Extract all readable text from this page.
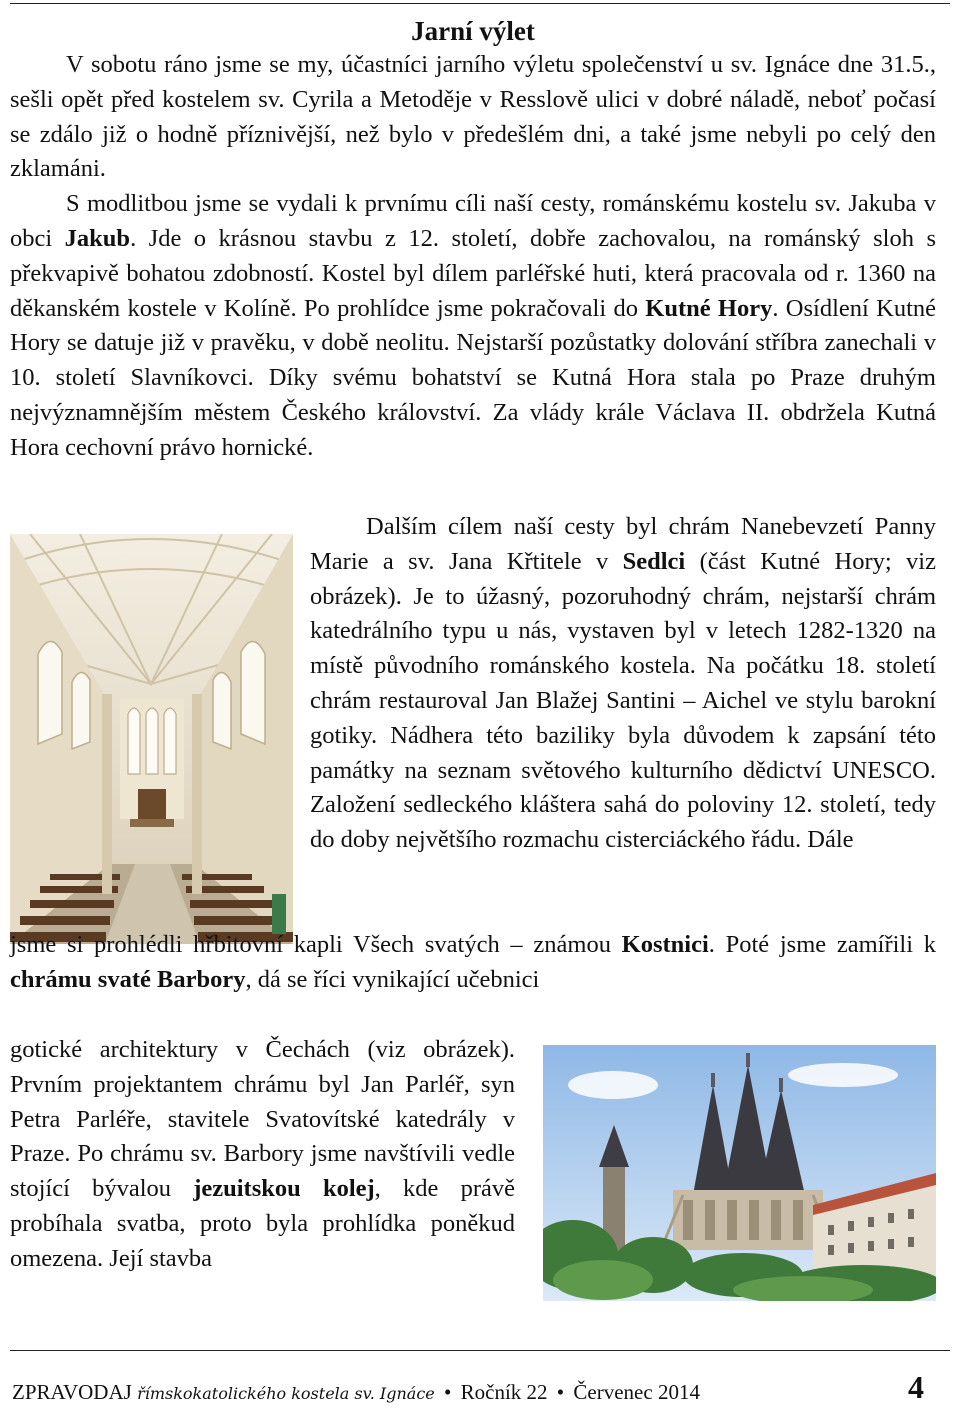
Jarní výlet

V sobotu ráno jsme se my, účastníci jarního výletu společenství u sv. Ignáce dne 31.5., sešli opět před kostelem sv. Cyrila a Metoděje v Resslově ulici v dobré náladě, neboť počasí se zdálo již o hodně příznivější, než bylo v předešlém dni, a také jsme nebyli po celý den zklamáni.

S modlitbou jsme se vydali k prvnímu cíli naší cesty, románskému kostelu sv. Jakuba v obci Jakub. Jde o krásnou stavbu z 12. století, dobře zachovalou, na románský sloh s překvapivě bohatou zdobností. Kostel byl dílem parléřské huti, která pracovala od r. 1360 na děkanském kostele v Kolíně. Po prohlídce jsme pokračovali do Kutné Hory. Osídlení Kutné Hory se datuje již v pravěku, v době neolitu. Nejstarší pozůstatky dolování stříbra zanechali v 10. století Slavníkovci. Díky svému bohatství se Kutná Hora stala po Praze druhým nejvýznamnějším městem Českého království. Za vlády krále Václava II. obdržela Kutná Hora cechovní právo hornické.

Dalším cílem naší cesty byl chrám Nanebevzetí Panny Marie a sv. Jana Křtitele v Sedlci (část Kutné Hory; viz obrázek). Je to úžasný, pozoruhodný chrám, nejstarší chrám katedrálního typu u nás, vystaven byl v letech 1282-1320 na místě původního románského kostela. Na počátku 18. století chrám restauroval Jan Blažej Santini – Aichel ve stylu barokní gotiky. Nádhera této baziliky byla důvodem k zapsání této památky na seznam světového kulturního dědictví UNESCO. Založení sedleckého kláštera sahá do poloviny 12. století, tedy do doby největšího rozmachu cisterciáckého řádu. Dále

jsme si prohlédli hřbitovní kapli Všech svatých – známou Kostnici. Poté jsme zamířili k chrámu svaté Barbory, dá se říci vynikající učebnici

gotické architektury v Čechách (viz obrázek). Prvním projektantem chrámu byl Jan Parléř, syn Petra Parléře, stavitele Svatovítské katedrály v Praze. Po chrámu sv. Barbory jsme navštívili vedle stojící bývalou jezuitskou kolej, kde právě probíhala svatba, proto byla prohlídka poněkud omezena. Její stavba

ZPRAVODAJ římskokatolického kostela sv. Ignáce • Ročník 22 • Červenec 2014	4
